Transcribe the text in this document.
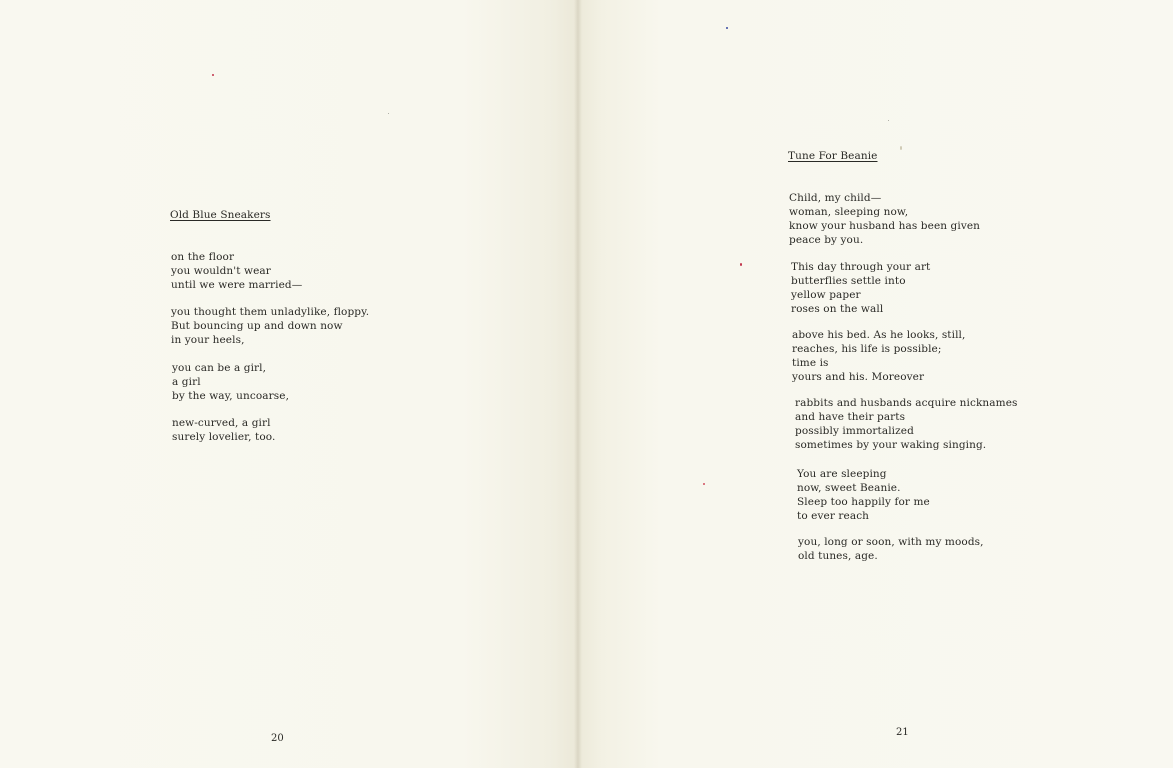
Old Blue Sneakers
on the floor
you wouldn't wear
until we were married—
you thought them unladylike, floppy.
But bouncing up and down now
in your heels,
you can be a girl,
a girl
by the way, uncoarse,
new-curved, a girl
surely lovelier, too.
20
Tune For Beanie
Child, my child—
woman, sleeping now,
know your husband has been given
peace by you.
This day through your art
butterflies settle into
yellow paper
roses on the wall
above his bed. As he looks, still,
reaches, his life is possible;
time is
yours and his. Moreover
rabbits and husbands acquire nicknames
and have their parts
possibly immortalized
sometimes by your waking singing.
You are sleeping
now, sweet Beanie.
Sleep too happily for me
to ever reach
you, long or soon, with my moods,
old tunes, age.
21
